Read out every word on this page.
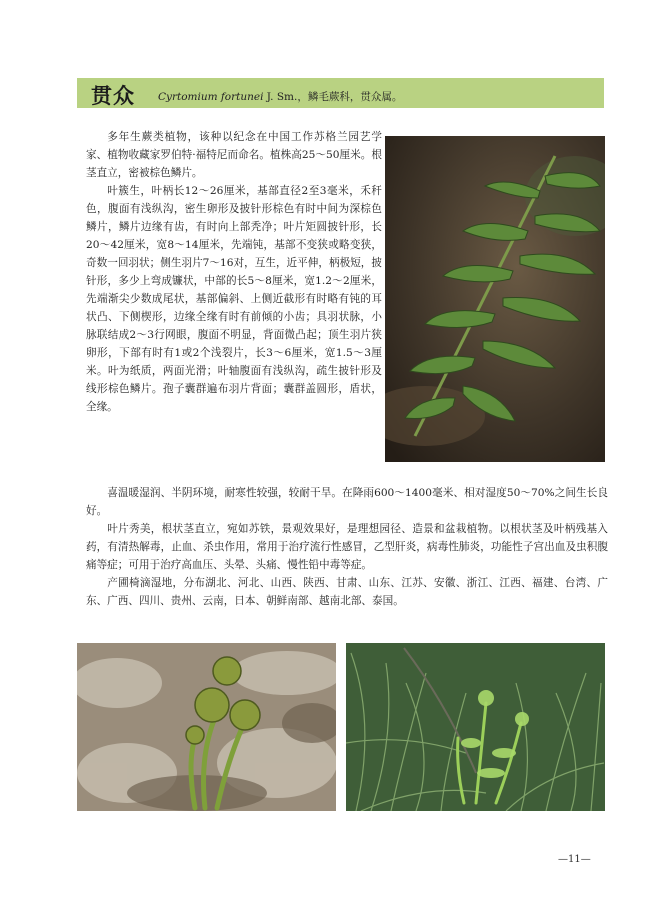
贯众 Cyrtomium fortunei J. Sm.，鳞毛蕨科，贯众属。

多年生蕨类植物，该种以纪念在中国工作苏格兰园艺学家、植物收藏家罗伯特·福特尼而命名。植株高25～50厘米。根茎直立，密被棕色鳞片。

叶簇生，叶柄长12～26厘米，基部直径2至3毫米，禾秆色，腹面有浅纵沟，密生卵形及披针形棕色有时中间为深棕色鳞片，鳞片边缘有齿，有时向上部秃净；叶片矩圆披针形，长20～42厘米，宽8～14厘米，先端钝，基部不变狭或略变狭，奇数一回羽状；侧生羽片7～16对，互生，近平伸，柄极短，披针形，多少上弯成镰状，中部的长5～8厘米，宽1.2～2厘米，先端渐尖少数成尾状，基部偏斜、上侧近截形有时略有钝的耳状凸、下侧楔形，边缘全缘有时有前倾的小齿；具羽状脉，小脉联结成2～3行网眼，腹面不明显，背面微凸起；顶生羽片狭卵形，下部有时有1或2个浅裂片，长3～6厘米，宽1.5～3厘米。叶为纸质，两面光滑；叶轴腹面有浅纵沟，疏生披针形及线形棕色鳞片。孢子囊群遍布羽片背面；囊群盖圆形，盾状，全缘。

喜温暖湿润、半阴环境，耐寒性较强，较耐干旱。在降雨600～1400毫米、相对湿度50～70%之间生长良好。

叶片秀美，根状茎直立，宛如苏铁，景观效果好，是理想园径、造景和盆栽植物。以根状茎及叶柄残基入药，有清热解毒，止血、杀虫作用，常用于治疗流行性感冒，乙型肝炎，病毒性肺炎，功能性子宫出血及虫积腹痛等症；可用于治疗高血压、头晕、头痛、慢性铅中毒等症。

产圃椅滴湿地，分布湖北、河北、山西、陕西、甘肃、山东、江苏、安徽、浙江、江西、福建、台湾、广东、广西、四川、贵州、云南，日本、朝鲜南部、越南北部、泰国。

—11—
